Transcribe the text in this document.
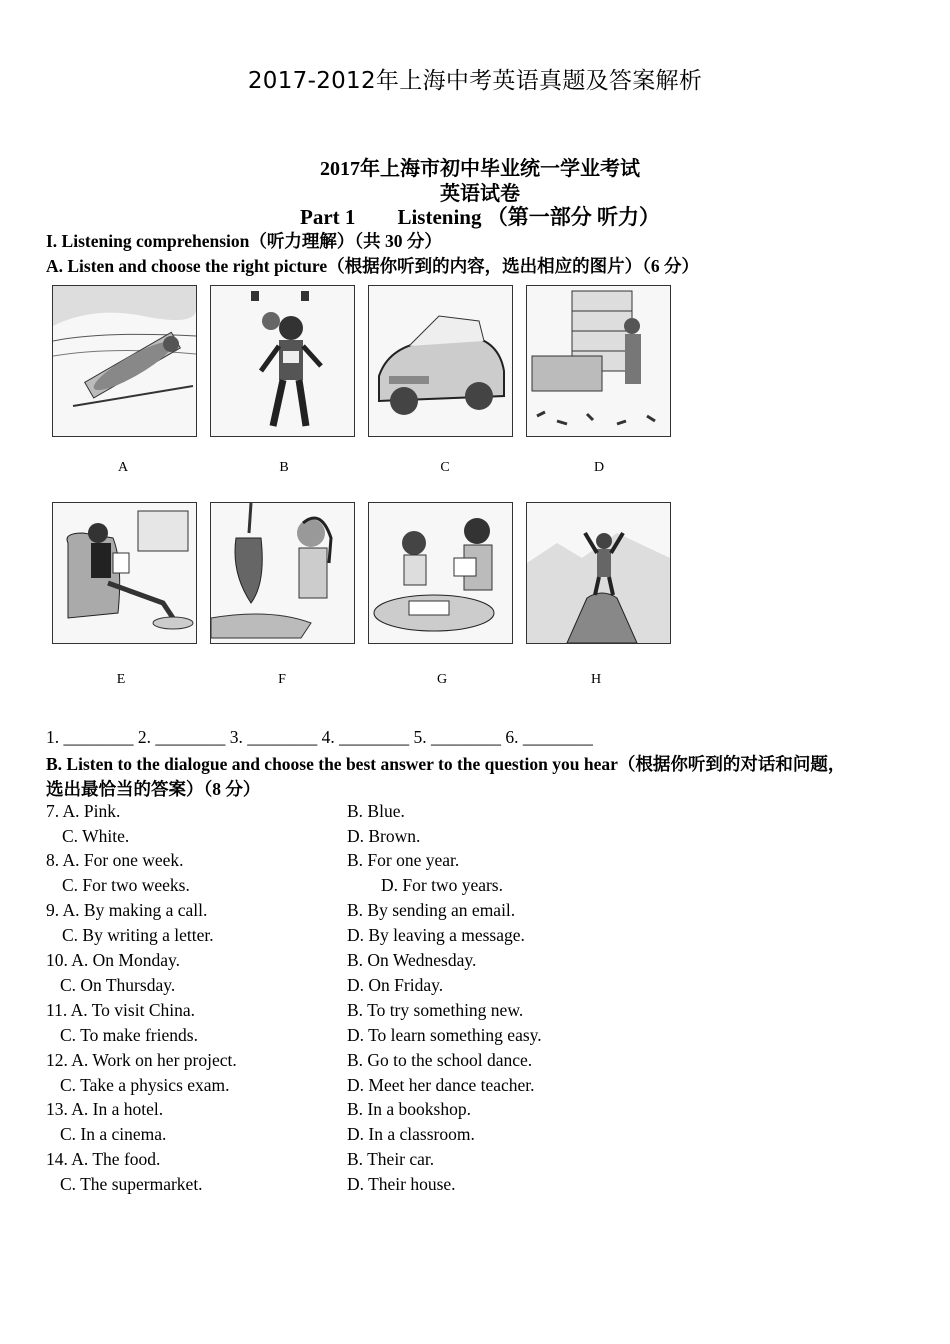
2017-2012年上海中考英语真题及答案解析
2017年上海市初中毕业统一学业考试
英语试卷
Part 1 Listening （第一部分 听力）
I. Listening comprehension（听力理解）（共 30 分）
A. Listen and choose the right picture（根据你听到的内容，选出相应的图片）（6 分）
A	B	C	D
E	F	G	H
1. ________ 2. ________ 3. ________ 4. ________ 5. ________ 6. ________
B. Listen to the dialogue and choose the best answer to the question you hear（根据你听到的对话和问题，
选出最恰当的答案）（8 分）
7. A. Pink.	B. Blue.
C. White.	D. Brown.
8. A. For one week.	B. For one year.
C. For two weeks.	D. For two years.
9. A. By making a call.	B. By sending an email.
C. By writing a letter.	D. By leaving a message.
10. A. On Monday.	B. On Wednesday.
C. On Thursday.	D. On Friday.
11. A. To visit China.	B. To try something new.
C. To make friends.	D. To learn something easy.
12. A. Work on her project.	B. Go to the school dance.
C. Take a physics exam.	D. Meet her dance teacher.
13. A. In a hotel.	B. In a bookshop.
C. In a cinema.	D. In a classroom.
14. A. The food.	B. Their car.
C. The supermarket.	D. Their house.
